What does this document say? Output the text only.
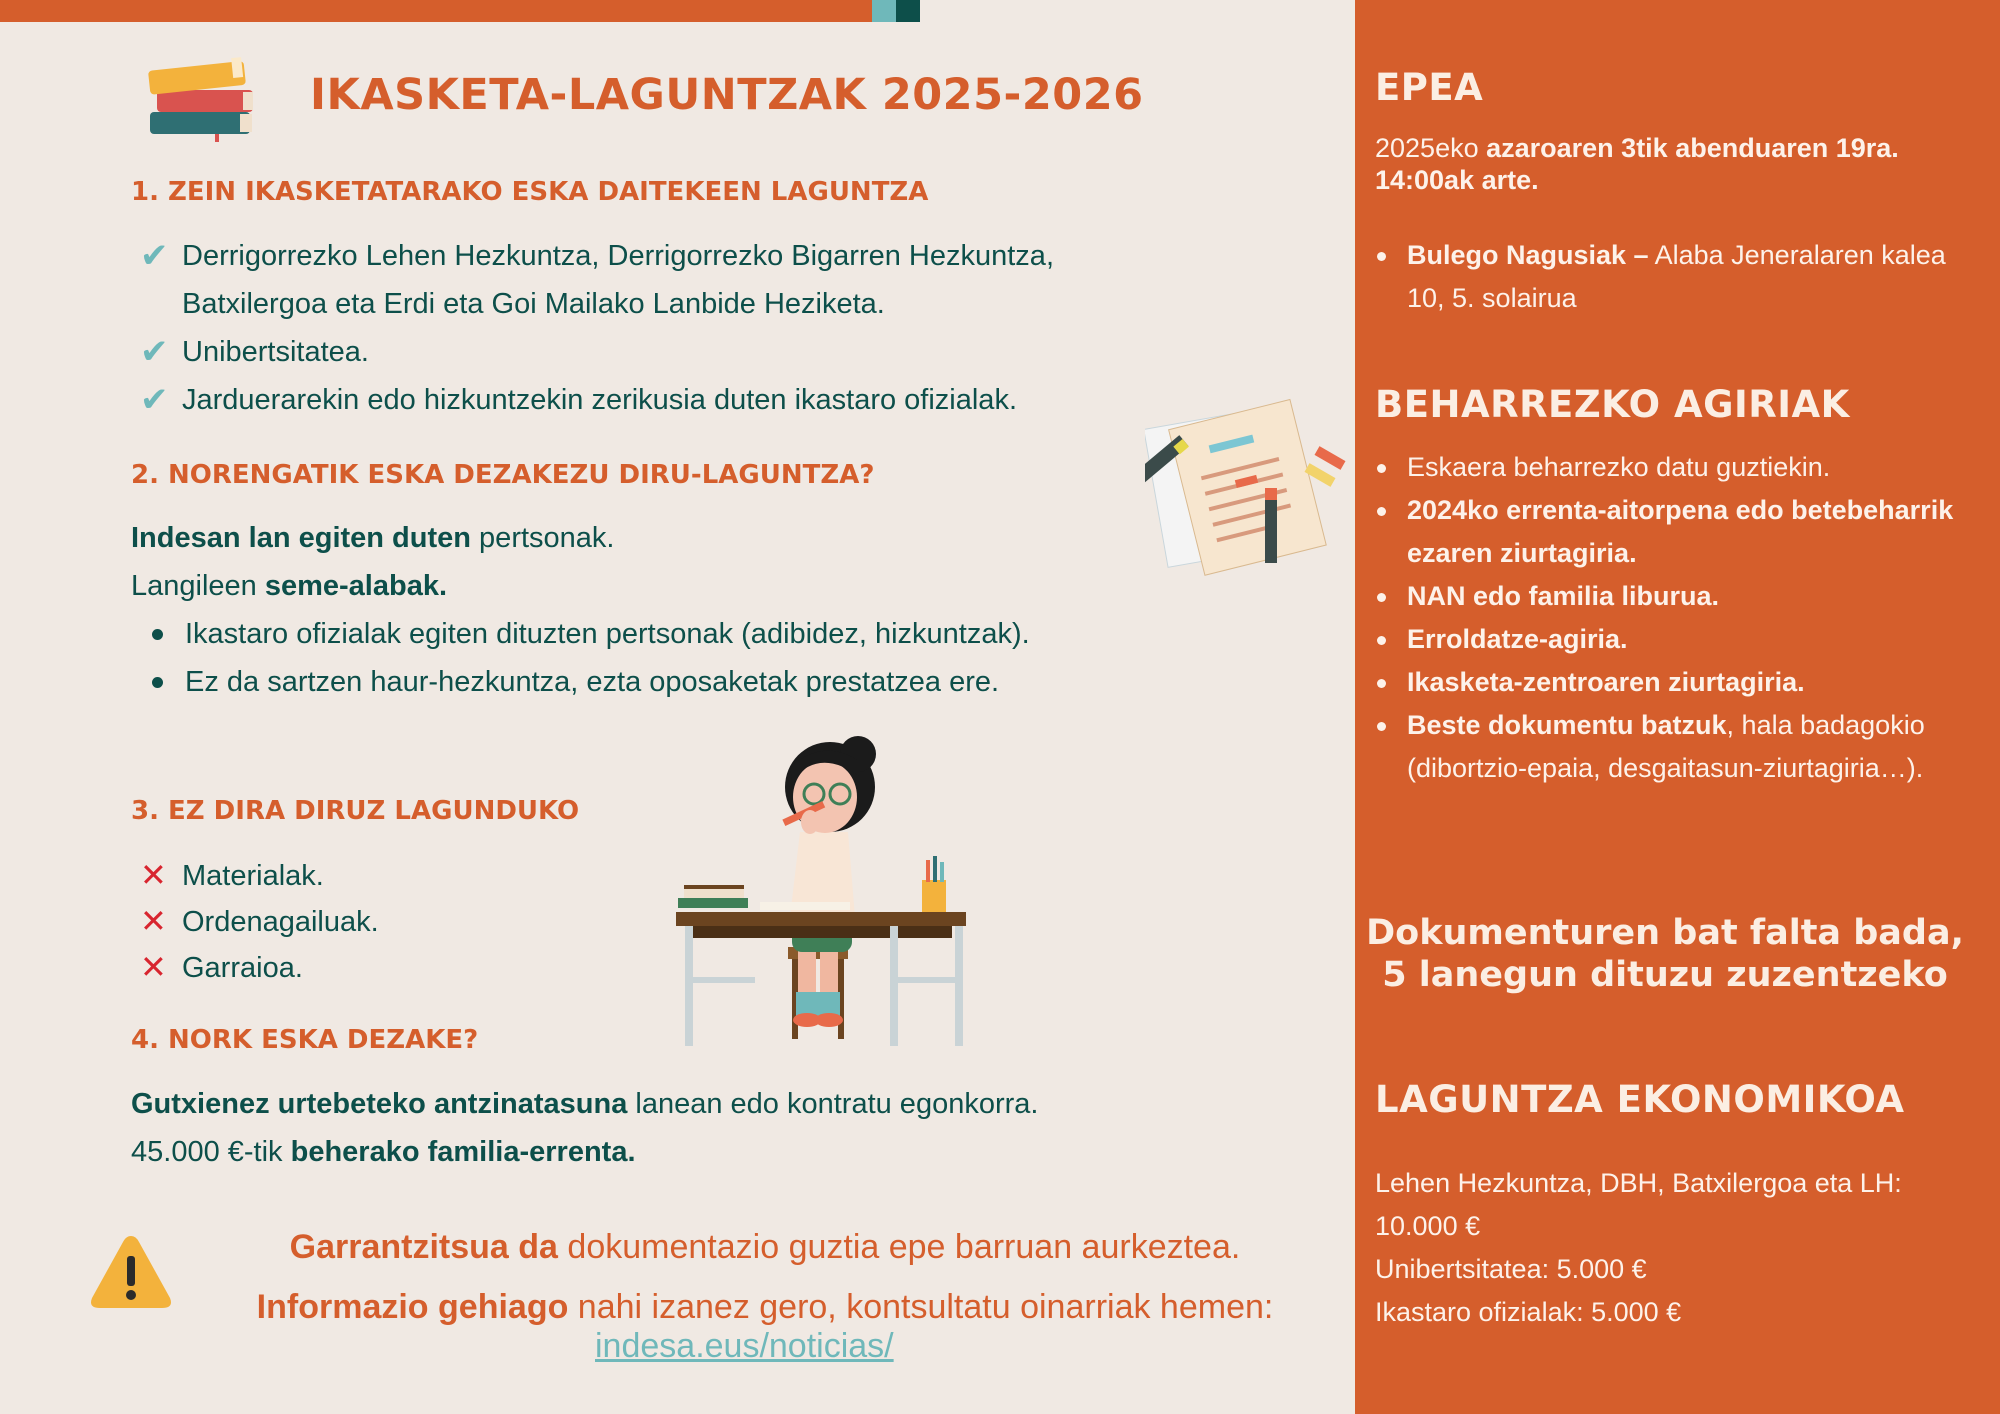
IKASKETA-LAGUNTZAK 2025-2026
1. ZEIN IKASKETATARAKO ESKA DAITEKEEN LAGUNTZA
✔ Derrigorrezko Lehen Hezkuntza, Derrigorrezko Bigarren Hezkuntza,
Batxilergoa eta Erdi eta Goi Mailako Lanbide Heziketa.
✔ Unibertsitatea.
✔ Jarduerarekin edo hizkuntzekin zerikusia duten ikastaro ofizialak.
2. NORENGATIK ESKA DEZAKEZU DIRU-LAGUNTZA?
Indesan lan egiten duten pertsonak.
Langileen seme-alabak.
Ikastaro ofizialak egiten dituzten pertsonak (adibidez, hizkuntzak).
Ez da sartzen haur-hezkuntza, ezta oposaketak prestatzea ere.
3. EZ DIRA DIRUZ LAGUNDUKO
✕ Materialak.
✕ Ordenagailuak.
✕ Garraioa.
4. NORK ESKA DEZAKE?
Gutxienez urtebeteko antzinatasuna lanean edo kontratu egonkorra.
45.000 €-tik beherako familia-errenta.
Garrantzitsua da dokumentazio guztia epe barruan aurkeztea.
Informazio gehiago nahi izanez gero, kontsultatu oinarriak hemen:
indesa.eus/noticias/
EPEA

2025eko azaroaren 3tik abenduaren 19ra.
14:00ak arte.

Bulego Nagusiak – Alaba Jeneralaren kalea 10, 5. solairua
BEHARREZKO AGIRIAK
Eskaera beharrezko datu guztiekin.
2024ko errenta-aitorpena edo betebeharrik ezaren ziurtagiria.
NAN edo familia liburua.
Erroldatze-agiria.
Ikasketa-zentroaren ziurtagiria.
Beste dokumentu batzuk, hala badagokio (dibortzio-epaia, desgaitasun-ziurtagiria…).
Dokumenturen bat falta bada,
5 lanegun dituzu zuzentzeko
LAGUNTZA EKONOMIKOA

Lehen Hezkuntza, DBH, Batxilergoa eta LH:

10.000 €

Unibertsitatea: 5.000 €

Ikastaro ofizialak: 5.000 €
